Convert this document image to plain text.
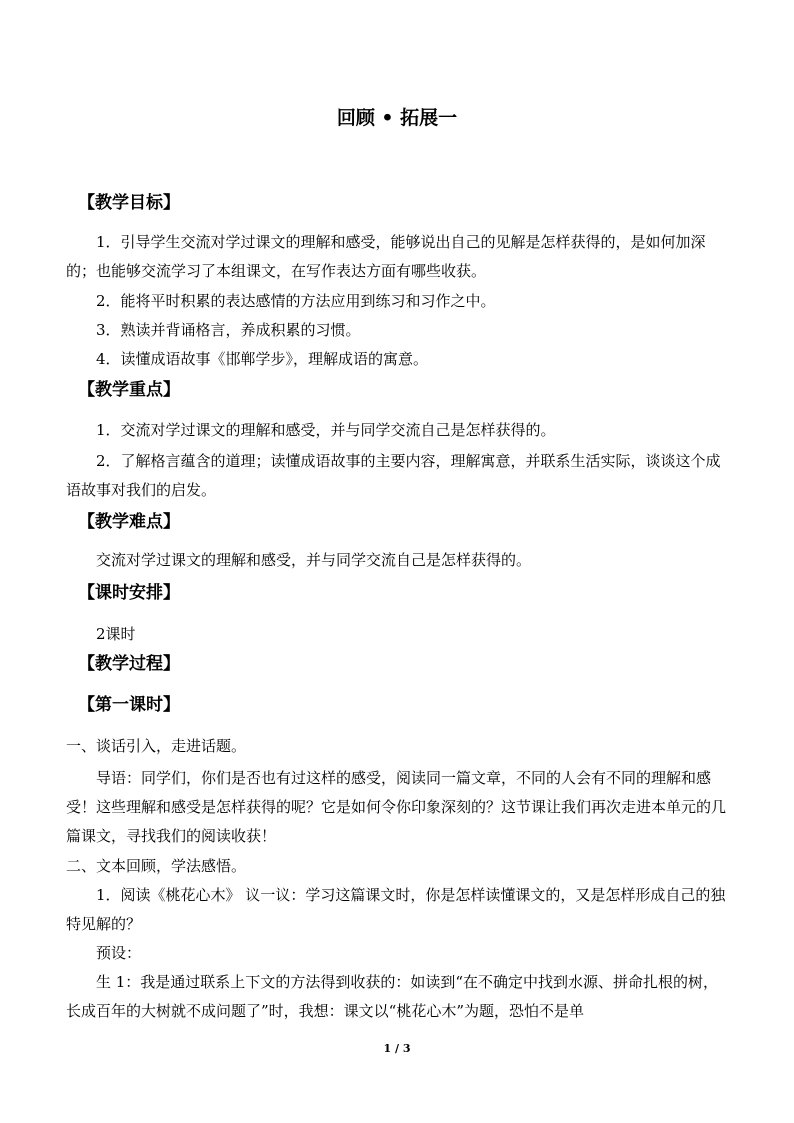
回顾 • 拓展一
【教学目标】

1．引导学生交流对学过课文的理解和感受，能够说出自己的见解是怎样获得的，是如何加深的；也能够交流学习了本组课文，在写作表达方面有哪些收获。

2．能将平时积累的表达感情的方法应用到练习和习作之中。

3．熟读并背诵格言，养成积累的习惯。

4．读懂成语故事《邯郸学步》，理解成语的寓意。

【教学重点】

1．交流对学过课文的理解和感受，并与同学交流自己是怎样获得的。

2．了解格言蕴含的道理；读懂成语故事的主要内容，理解寓意，并联系生活实际，谈谈这个成语故事对我们的启发。

【教学难点】

交流对学过课文的理解和感受，并与同学交流自己是怎样获得的。

【课时安排】

2课时

【教学过程】
【第一课时】

一、谈话引入，走进话题。

导语：同学们，你们是否也有过这样的感受，阅读同一篇文章，不同的人会有不同的理解和感受！这些理解和感受是怎样获得的呢？它是如何令你印象深刻的？这节课让我们再次走进本单元的几篇课文，寻找我们的阅读收获！

二、文本回顾，学法感悟。

1．阅读《桃花心木》 议一议：学习这篇课文时，你是怎样读懂课文的，又是怎样形成自己的独特见解的？

预设：

生 1：我是通过联系上下文的方法得到收获的：如读到“在不确定中找到水源、拼命扎根的树，长成百年的大树就不成问题了”时，我想：课文以“桃花心木”为题，恐怕不是单

1 / 3
